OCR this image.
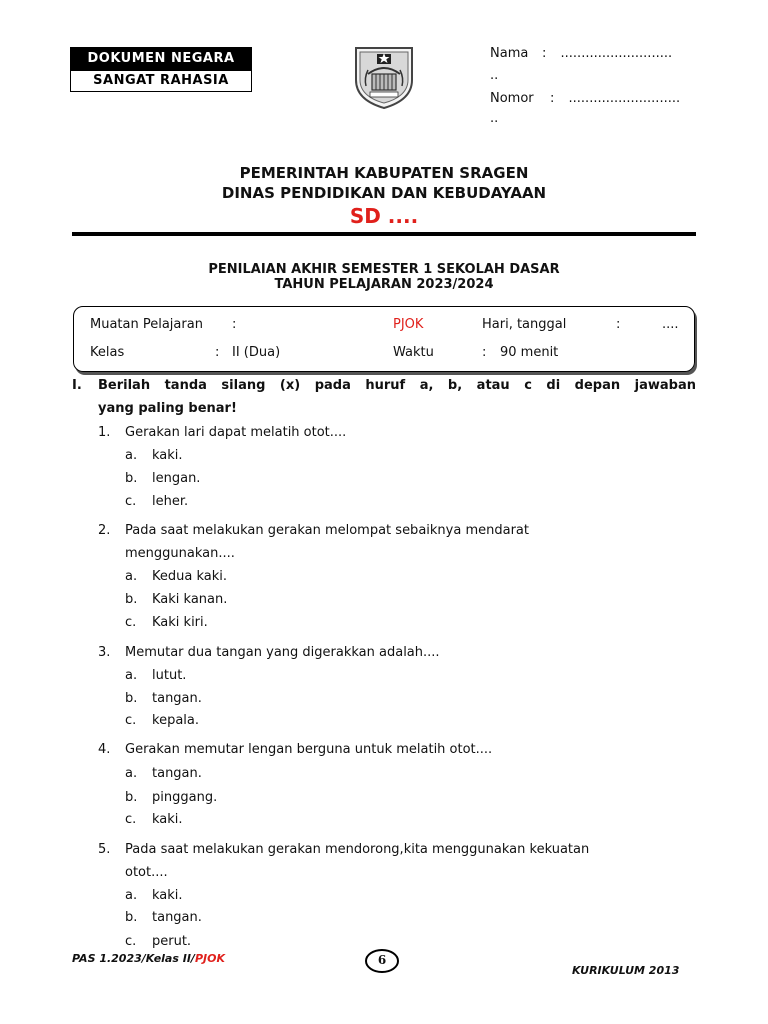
DOKUMEN NEGARA
SANGAT RAHASIA
Nama : ...........................
..
Nomor : ...........................
..
PEMERINTAH KABUPATEN SRAGEN
DINAS PENDIDIKAN DAN KEBUDAYAAN
SD ....
PENILAIAN AKHIR SEMESTER 1 SEKOLAH DASAR
TAHUN PELAJARAN 2023/2024
Muatan Pelajaran :	PJOK	Hari, tanggal	:	....
Kelas	: II (Dua)	Waktu	: 90 menit
I. Berilah tanda silang (x) pada huruf a, b, atau c di depan jawaban
yang paling benar!
1. Gerakan lari dapat melatih otot....
a. kaki.
b. lengan.
c. leher.
2. Pada saat melakukan gerakan melompat sebaiknya mendarat
menggunakan....
a. Kedua kaki.
b. Kaki kanan.
c. Kaki kiri.
3. Memutar dua tangan yang digerakkan adalah....
a. lutut.
b. tangan.
c. kepala.
4. Gerakan memutar lengan berguna untuk melatih otot....
a. tangan.
b. pinggang.
c. kaki.
5. Pada saat melakukan gerakan mendorong,kita menggunakan kekuatan
otot....
a. kaki.
b. tangan.
c. perut.
PAS 1.2023/Kelas II/PJOK	6
KURIKULUM 2013
